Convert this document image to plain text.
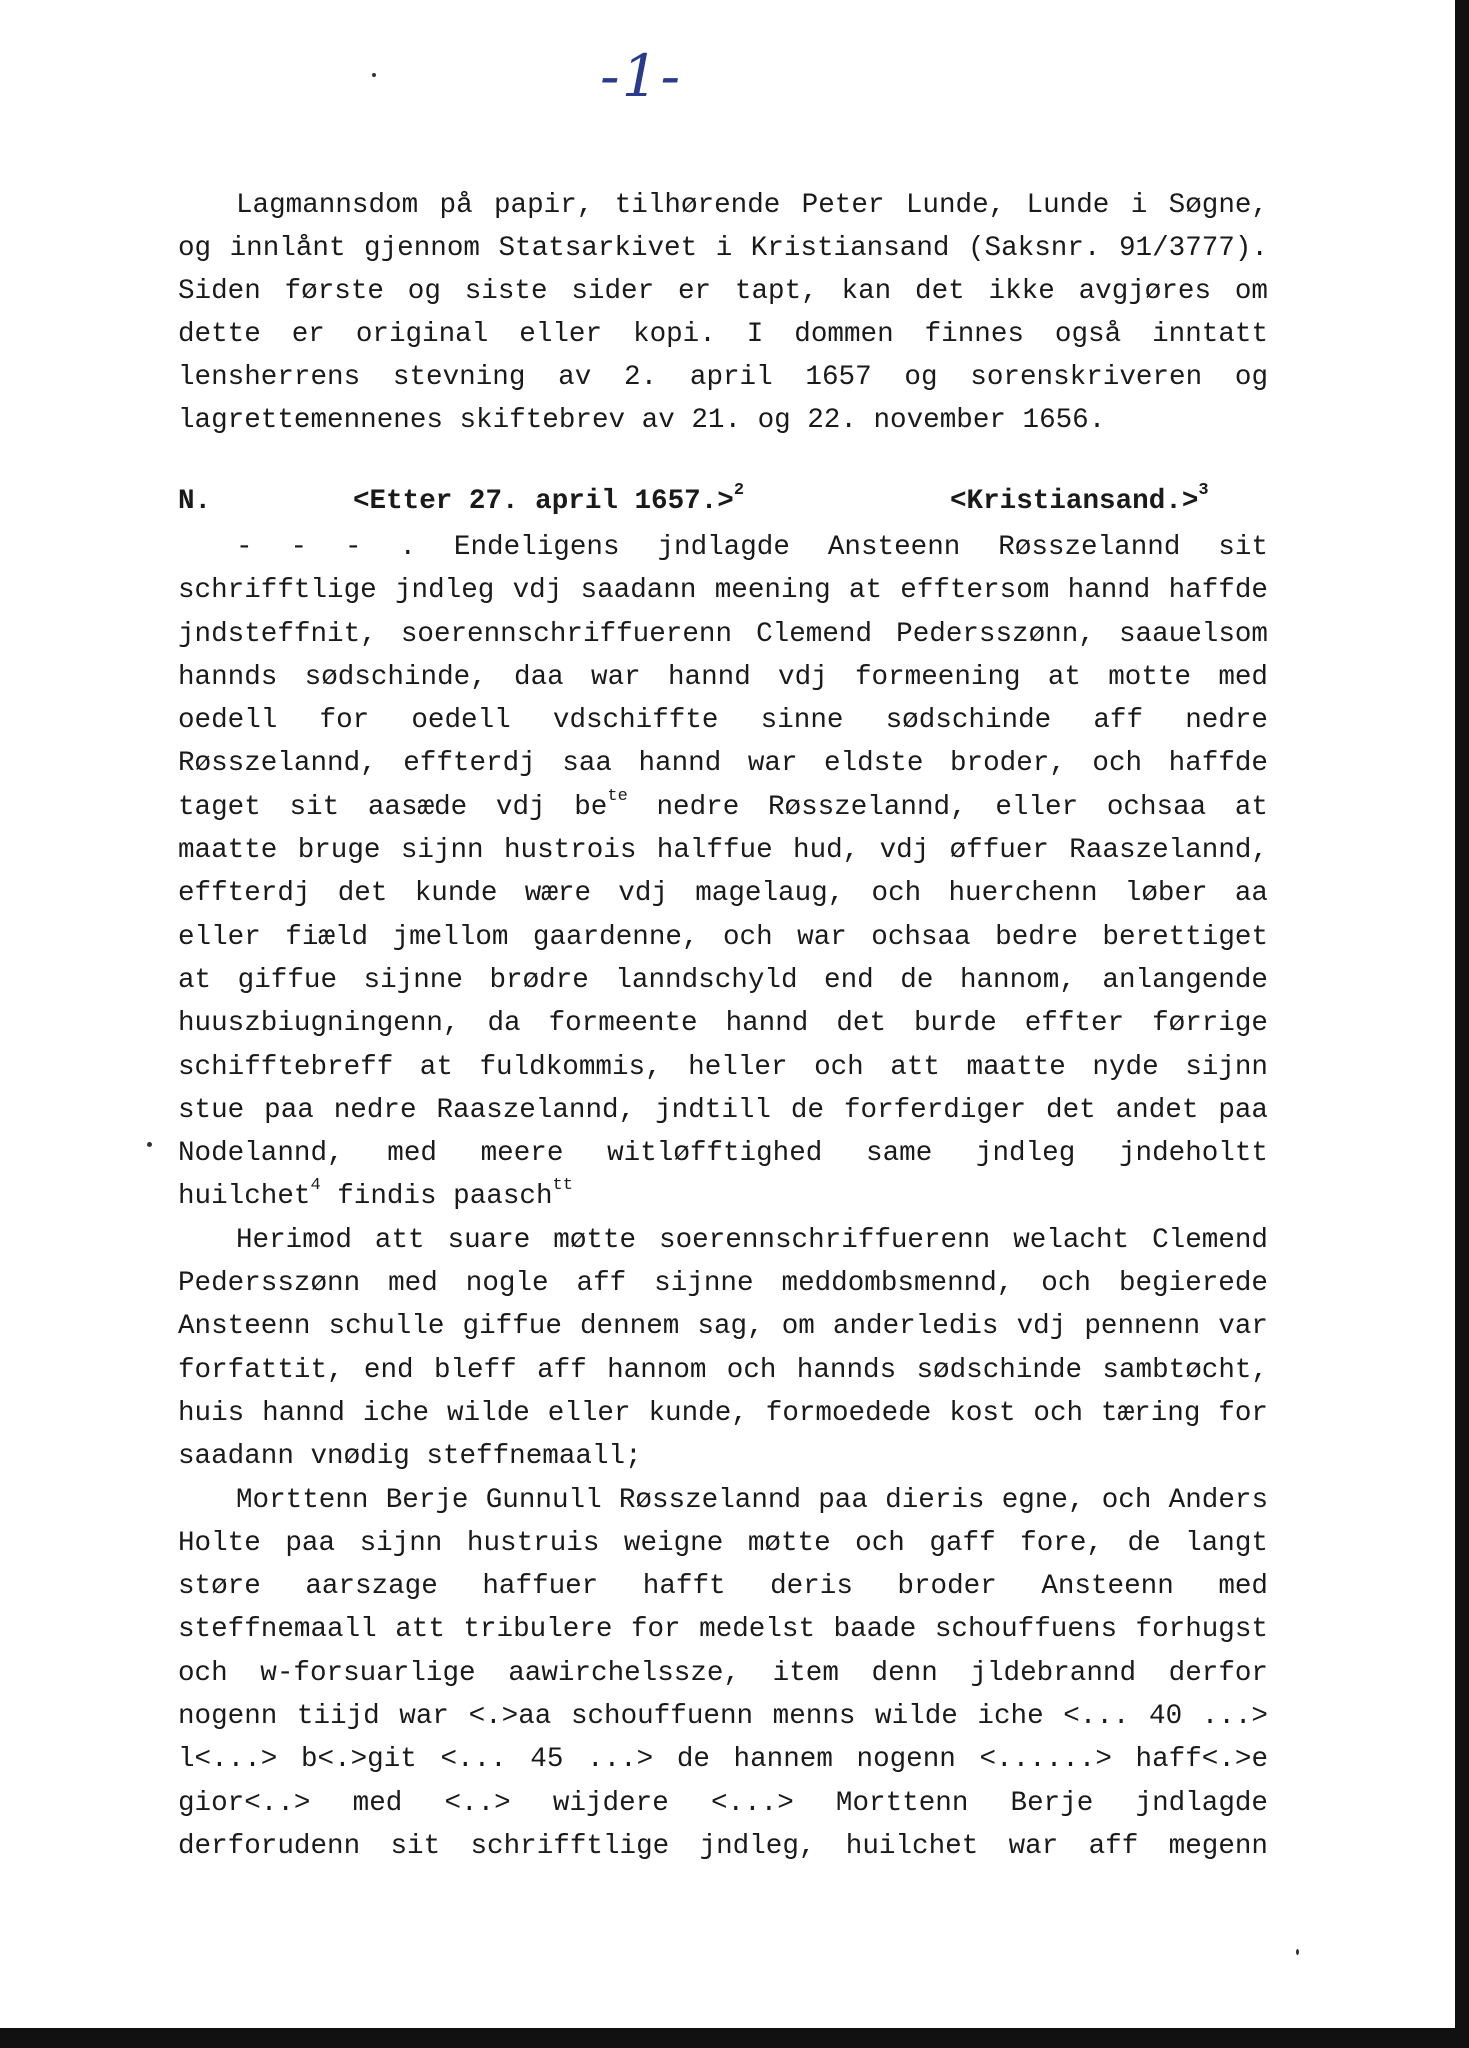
-1-
Lagmannsdom på papir, tilhørende Peter Lunde, Lunde i Søgne,
og innlånt gjennom Statsarkivet i Kristiansand (Saksnr. 91/3777).
Siden første og siste sider er tapt, kan det ikke avgjøres om
dette er original eller kopi. I dommen finnes også inntatt
lensherrens stevning av 2. april 1657 og sorenskriveren og
lagrettemennenes skiftebrev av 21. og 22. november 1656.
N.	<Etter 27. april 1657.>$^2$	<Kristiansand.>$^3$
- - - . Endeligens jndlagde Ansteenn Røsszelannd sit
schrifftlige jndleg vdj saadann meening at efftersom hannd haffde
jndsteffnit, soerennschriffuerenn Clemend Pedersszønn, saauelsom
hannds sødschinde, daa war hannd vdj formeening at motte med
oedell for oedell vdschiffte sinne sødschinde aff nedre
Røsszelannd, effterdj saa hannd war eldste broder, och haffde
taget sit aasæde vdj $be^{te}$ nedre Røsszelannd, eller ochsaa at
maatte bruge sijnn hustrois halffue hud, vdj øffuer Raaszelannd,
effterdj det kunde wære vdj magelaug, och huerchenn løber aa
eller fiæld jmellom gaardenne, och war ochsaa bedre berettiget
at giffue sijnne brødre lanndschyld end de hannom, anlangende
huuszbiugningenn, da formeente hannd det burde effter førrige
schifftebreff at fuldkommis, heller och att maatte nyde sijnn
stue paa nedre Raaszelannd, jndtill de forferdiger det andet paa
Nodelannd, med meere witløfftighed same jndleg jndeholtt
huilchet$^4$ findis paasch$^{tt}$
Herimod att suare møtte soerennschriffuerenn welacht Clemend
Pedersszønn med nogle aff sijnne meddombsmennd, och begierede
Ansteenn schulle giffue dennem sag, om anderledis vdj pennenn var
forfattit, end bleff aff hannom och hannds sødschinde sambtøcht,
huis hannd iche wilde eller kunde, formoedede kost och tæring for
saadann vnødig steffnemaall;
Morttenn Berje Gunnull Røsszelannd paa dieris egne, och Anders
Holte paa sijnn hustruis weigne møtte och gaff fore, de langt
støre aarszage haffuer hafft deris broder Ansteenn med
steffnemaall att tribulere for medelst baade schouffuens forhugst
och w-forsuarlige aawirchelssze, item denn jldebrannd derfor
nogenn tiijd war <.>aa schouffuenn menns wilde iche <... 40 ...>
l<...> b<.>git <... 45 ...> de hannem nogenn <......> haff<.>e
gior<..> med <..> wijdere <...> Morttenn Berje jndlagde
derforudenn sit schrifftlige jndleg, huilchet war aff megenn
